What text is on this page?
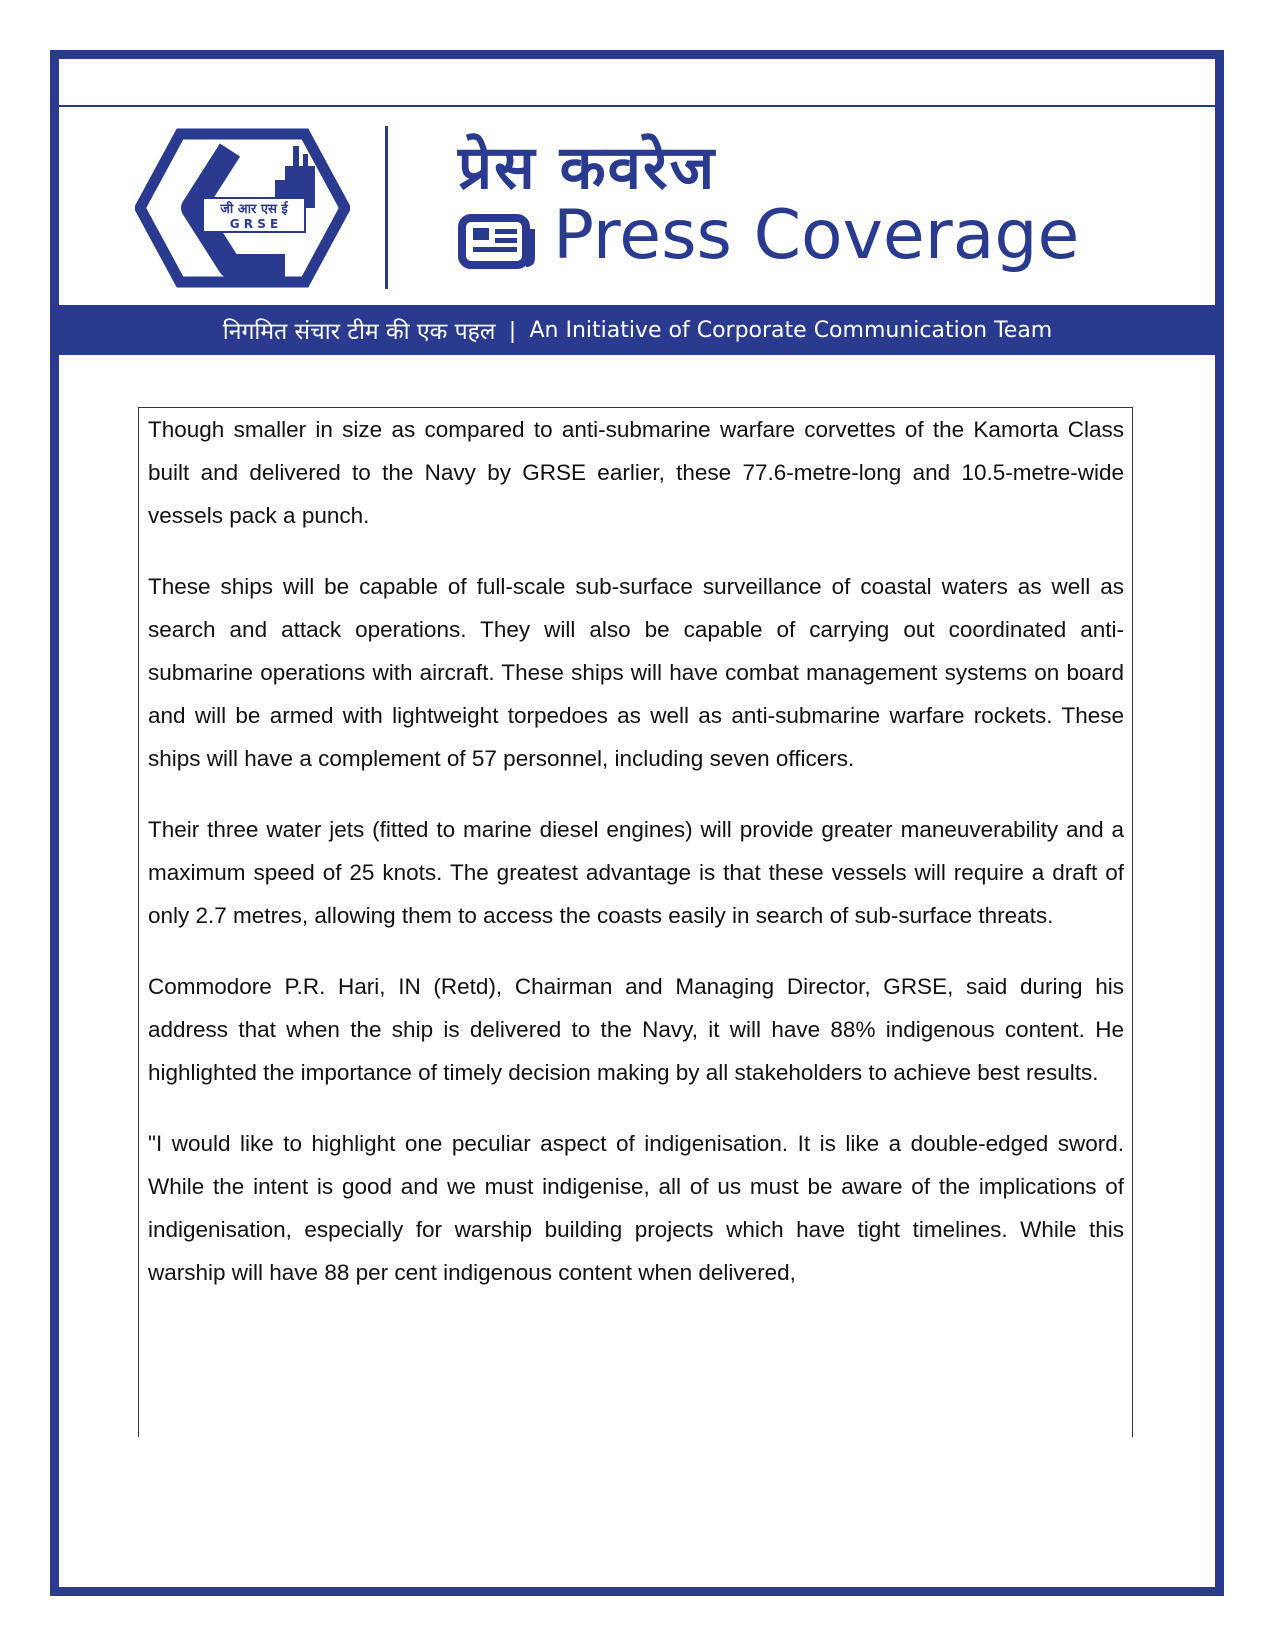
जी आर एस ई
G R S E
प्रेस कवरेज
Press Coverage
निगमित संचार टीम की एक पहल | An Initiative of Corporate Communication Team

Though smaller in size as compared to anti-submarine warfare corvettes of the Kamorta Class built and delivered to the Navy by GRSE earlier, these 77.6-metre-long and 10.5-metre-wide vessels pack a punch.

These ships will be capable of full-scale sub-surface surveillance of coastal waters as well as search and attack operations. They will also be capable of carrying out coordinated anti-submarine operations with aircraft. These ships will have combat management systems on board and will be armed with lightweight torpedoes as well as anti-submarine warfare rockets. These ships will have a complement of 57 personnel, including seven officers.

Their three water jets (fitted to marine diesel engines) will provide greater maneuverability and a maximum speed of 25 knots. The greatest advantage is that these vessels will require a draft of only 2.7 metres, allowing them to access the coasts easily in search of sub-surface threats.

Commodore P.R. Hari, IN (Retd), Chairman and Managing Director, GRSE, said during his address that when the ship is delivered to the Navy, it will have 88% indigenous content. He highlighted the importance of timely decision making by all stakeholders to achieve best results.

"I would like to highlight one peculiar aspect of indigenisation. It is like a double-edged sword. While the intent is good and we must indigenise, all of us must be aware of the implications of indigenisation, especially for warship building projects which have tight timelines. While this warship will have 88 per cent indigenous content when delivered,
